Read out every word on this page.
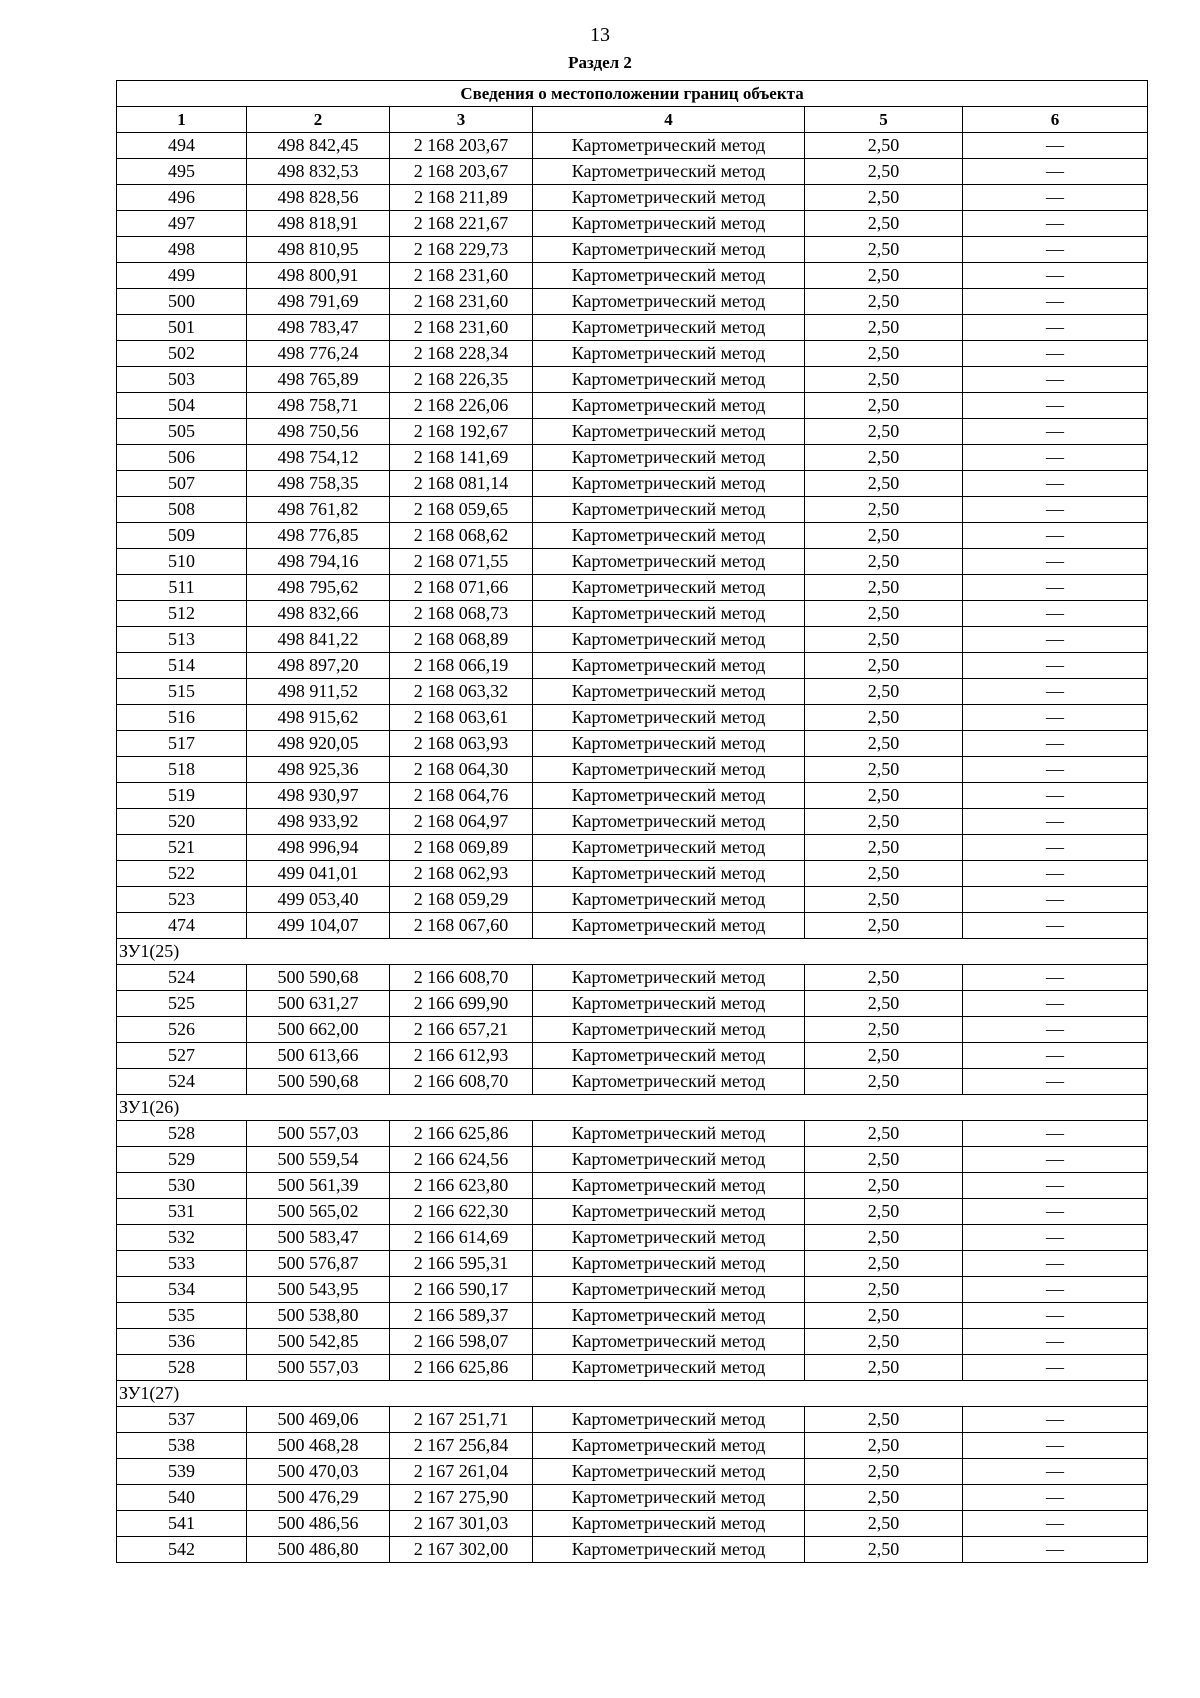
13
Раздел 2
Сведения о местоположении границ объекта					
1	2	3	4	5	6
494	498 842,45	2 168 203,67	Картометрический метод	2,50	—
495	498 832,53	2 168 203,67	Картометрический метод	2,50	—
496	498 828,56	2 168 211,89	Картометрический метод	2,50	—
497	498 818,91	2 168 221,67	Картометрический метод	2,50	—
498	498 810,95	2 168 229,73	Картометрический метод	2,50	—
499	498 800,91	2 168 231,60	Картометрический метод	2,50	—
500	498 791,69	2 168 231,60	Картометрический метод	2,50	—
501	498 783,47	2 168 231,60	Картометрический метод	2,50	—
502	498 776,24	2 168 228,34	Картометрический метод	2,50	—
503	498 765,89	2 168 226,35	Картометрический метод	2,50	—
504	498 758,71	2 168 226,06	Картометрический метод	2,50	—
505	498 750,56	2 168 192,67	Картометрический метод	2,50	—
506	498 754,12	2 168 141,69	Картометрический метод	2,50	—
507	498 758,35	2 168 081,14	Картометрический метод	2,50	—
508	498 761,82	2 168 059,65	Картометрический метод	2,50	—
509	498 776,85	2 168 068,62	Картометрический метод	2,50	—
510	498 794,16	2 168 071,55	Картометрический метод	2,50	—
511	498 795,62	2 168 071,66	Картометрический метод	2,50	—
512	498 832,66	2 168 068,73	Картометрический метод	2,50	—
513	498 841,22	2 168 068,89	Картометрический метод	2,50	—
514	498 897,20	2 168 066,19	Картометрический метод	2,50	—
515	498 911,52	2 168 063,32	Картометрический метод	2,50	—
516	498 915,62	2 168 063,61	Картометрический метод	2,50	—
517	498 920,05	2 168 063,93	Картометрический метод	2,50	—
518	498 925,36	2 168 064,30	Картометрический метод	2,50	—
519	498 930,97	2 168 064,76	Картометрический метод	2,50	—
520	498 933,92	2 168 064,97	Картометрический метод	2,50	—
521	498 996,94	2 168 069,89	Картометрический метод	2,50	—
522	499 041,01	2 168 062,93	Картометрический метод	2,50	—
523	499 053,40	2 168 059,29	Картометрический метод	2,50	—
474	499 104,07	2 168 067,60	Картометрический метод	2,50	—
ЗУ1(25)					
524	500 590,68	2 166 608,70	Картометрический метод	2,50	—
525	500 631,27	2 166 699,90	Картометрический метод	2,50	—
526	500 662,00	2 166 657,21	Картометрический метод	2,50	—
527	500 613,66	2 166 612,93	Картометрический метод	2,50	—
524	500 590,68	2 166 608,70	Картометрический метод	2,50	—
ЗУ1(26)					
528	500 557,03	2 166 625,86	Картометрический метод	2,50	—
529	500 559,54	2 166 624,56	Картометрический метод	2,50	—
530	500 561,39	2 166 623,80	Картометрический метод	2,50	—
531	500 565,02	2 166 622,30	Картометрический метод	2,50	—
532	500 583,47	2 166 614,69	Картометрический метод	2,50	—
533	500 576,87	2 166 595,31	Картометрический метод	2,50	—
534	500 543,95	2 166 590,17	Картометрический метод	2,50	—
535	500 538,80	2 166 589,37	Картометрический метод	2,50	—
536	500 542,85	2 166 598,07	Картометрический метод	2,50	—
528	500 557,03	2 166 625,86	Картометрический метод	2,50	—
ЗУ1(27)					
537	500 469,06	2 167 251,71	Картометрический метод	2,50	—
538	500 468,28	2 167 256,84	Картометрический метод	2,50	—
539	500 470,03	2 167 261,04	Картометрический метод	2,50	—
540	500 476,29	2 167 275,90	Картометрический метод	2,50	—
541	500 486,56	2 167 301,03	Картометрический метод	2,50	—
542	500 486,80	2 167 302,00	Картометрический метод	2,50	—
